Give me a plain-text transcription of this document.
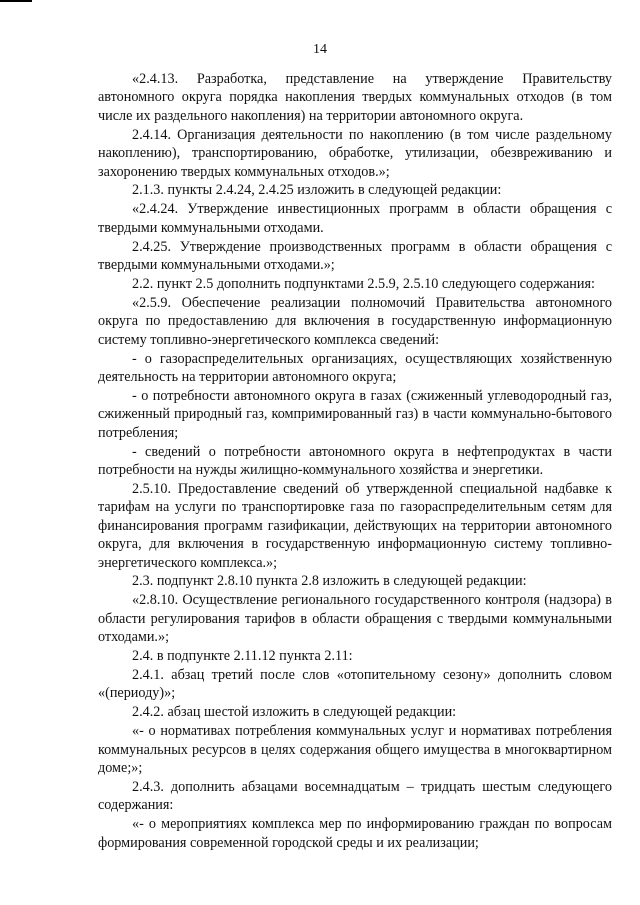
14

«2.4.13. Разработка, представление на утверждение Правительству автономного округа порядка накопления твердых коммунальных отходов (в том числе их раздельного накопления) на территории автономного округа.

2.4.14. Организация деятельности по накоплению (в том числе раздельному накоплению), транспортированию, обработке, утилизации, обезвреживанию и захоронению твердых коммунальных отходов.»;

2.1.3. пункты 2.4.24, 2.4.25 изложить в следующей редакции:

«2.4.24. Утверждение инвестиционных программ в области обращения с твердыми коммунальными отходами.

2.4.25. Утверждение производственных программ в области обращения с твердыми коммунальными отходами.»;

2.2. пункт 2.5 дополнить подпунктами 2.5.9, 2.5.10 следующего содержания:

«2.5.9. Обеспечение реализации полномочий Правительства автономного округа по предоставлению для включения в государственную информационную систему топливно-энергетического комплекса сведений:

- о газораспределительных организациях, осуществляющих хозяйственную деятельность на территории автономного округа;

- о потребности автономного округа в газах (сжиженный углеводородный газ, сжиженный природный газ, компримированный газ) в части коммунально-бытового потребления;

- сведений о потребности автономного округа в нефтепродуктах в части потребности на нужды жилищно-коммунального хозяйства и энергетики.

2.5.10. Предоставление сведений об утвержденной специальной надбавке к тарифам на услуги по транспортировке газа по газораспределительным сетям для финансирования программ газификации, действующих на территории автономного округа, для включения в государственную информационную систему топливно-энергетического комплекса.»;

2.3. подпункт 2.8.10 пункта 2.8 изложить в следующей редакции:

«2.8.10. Осуществление регионального государственного контроля (надзора) в области регулирования тарифов в области обращения с твердыми коммунальными отходами.»;

2.4. в подпункте 2.11.12 пункта 2.11:

2.4.1. абзац третий после слов «отопительному сезону» дополнить словом «(периоду)»;

2.4.2. абзац шестой изложить в следующей редакции:

«- о нормативах потребления коммунальных услуг и нормативах потребления коммунальных ресурсов в целях содержания общего имущества в многоквартирном доме;»;

2.4.3. дополнить абзацами восемнадцатым – тридцать шестым следующего содержания:

«- о мероприятиях комплекса мер по информированию граждан по вопросам формирования современной городской среды и их реализации;
